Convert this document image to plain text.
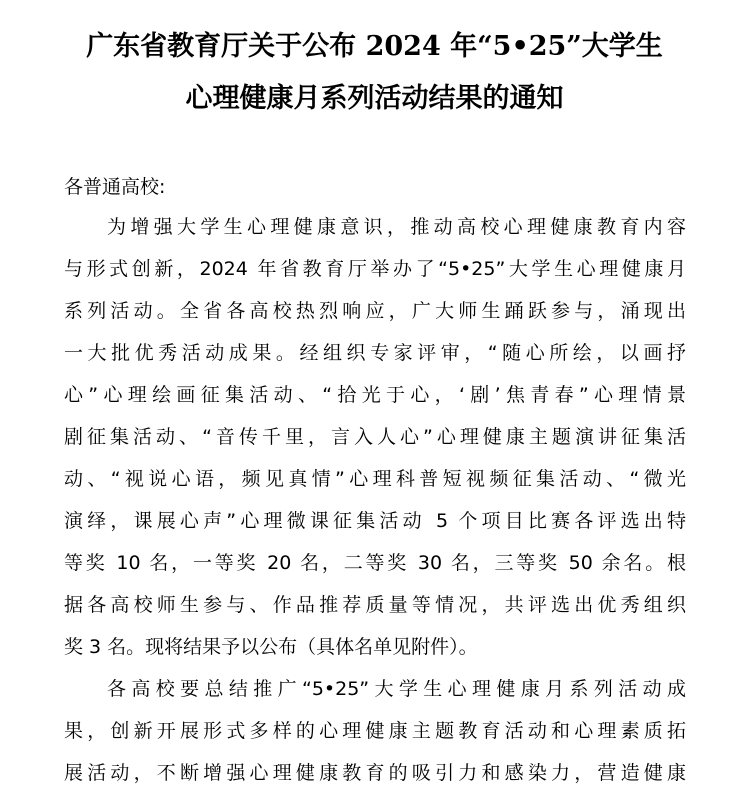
广东省教育厅关于公布 2024 年“5•25”大学生
心理健康月系列活动结果的通知
各普通高校:
为增强大学生心理健康意识，推动高校心理健康教育内容
与形式创新，2024 年省教育厅举办了“5•25”大学生心理健康月
系列活动。全省各高校热烈响应，广大师生踊跃参与，涌现出
一大批优秀活动成果。经组织专家评审，“随心所绘，以画抒
心”心理绘画征集活动、“拾光于心，‘剧’焦青春”心理情景
剧征集活动、“音传千里，言入人心”心理健康主题演讲征集活
动、“视说心语，频见真情”心理科普短视频征集活动、“微光
演绎，课展心声”心理微课征集活动 5 个项目比赛各评选出特
等奖 10 名，一等奖 20 名，二等奖 30 名，三等奖 50 余名。根
据各高校师生参与、作品推荐质量等情况，共评选出优秀组织
奖 3 名。现将结果予以公布（具体名单见附件）。
各高校要总结推广“5•25”大学生心理健康月系列活动成
果，创新开展形式多样的心理健康主题教育活动和心理素质拓
展活动，不断增强心理健康教育的吸引力和感染力，营造健康
